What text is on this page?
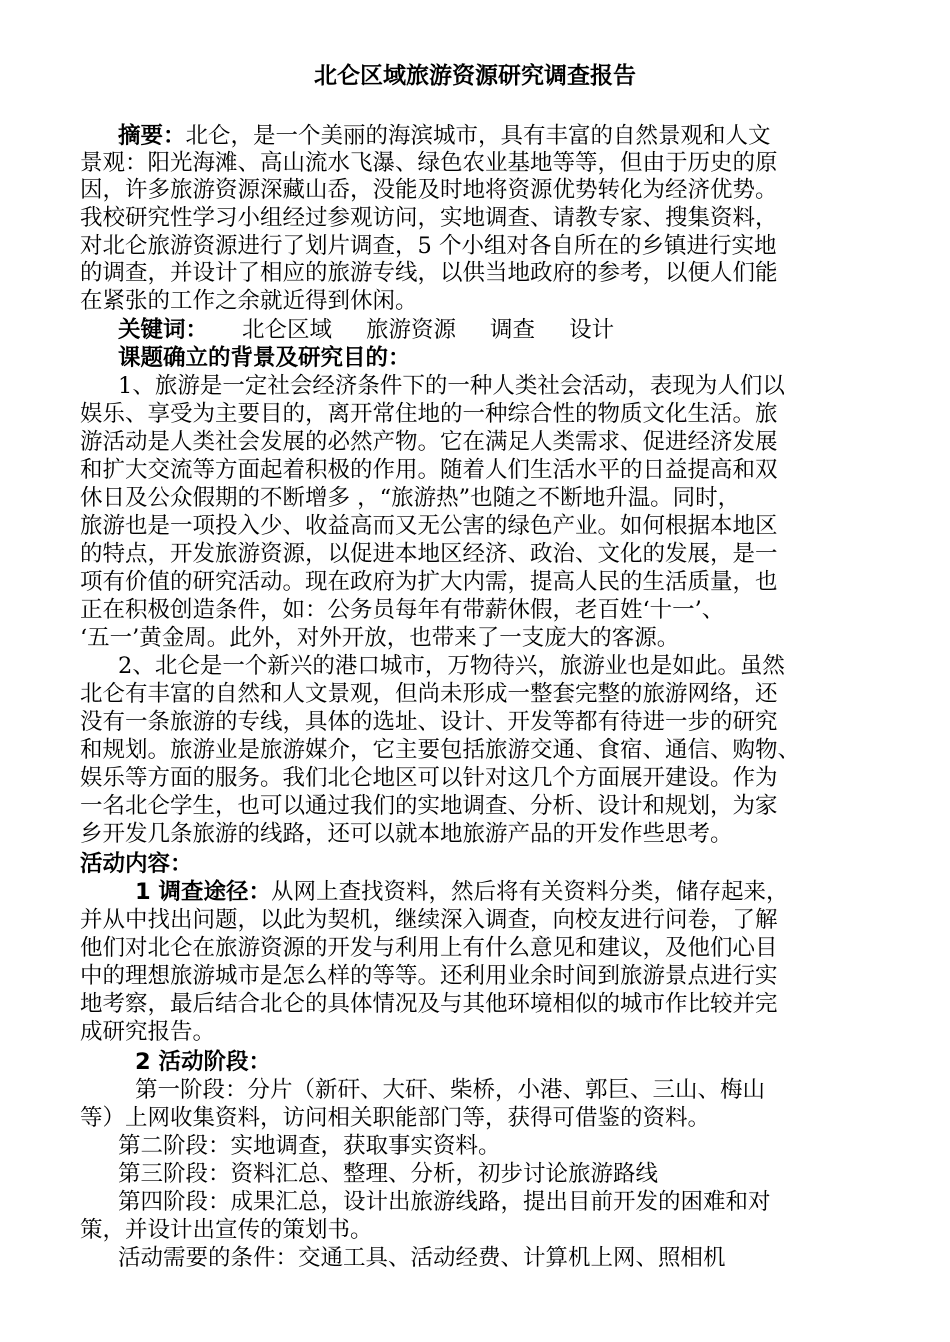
北仑区域旅游资源研究调查报告
摘要：北仑，是一个美丽的海滨城市，具有丰富的自然景观和人文
景观：阳光海滩、高山流水飞瀑、绿色农业基地等等，但由于历史的原
因，许多旅游资源深藏山岙，没能及时地将资源优势转化为经济优势。
我校研究性学习小组经过参观访问，实地调查、请教专家、搜集资料，
对北仑旅游资源进行了划片调查，5 个小组对各自所在的乡镇进行实地
的调查，并设计了相应的旅游专线，以供当地政府的参考，以便人们能
在紧张的工作之余就近得到休闲。
关键词： 北仑区域 旅游资源 调查 设计
课题确立的背景及研究目的：
1、旅游是一定社会经济条件下的一种人类社会活动，表现为人们以
娱乐、享受为主要目的，离开常住地的一种综合性的物质文化生活。旅
游活动是人类社会发展的必然产物。它在满足人类需求、促进经济发展
和扩大交流等方面起着积极的作用。随着人们生活水平的日益提高和双
休日及公众假期的不断增多 ，“旅游热”也随之不断地升温。同时，
旅游也是一项投入少、收益高而又无公害的绿色产业。如何根据本地区
的特点，开发旅游资源，以促进本地区经济、政治、文化的发展，是一
项有价值的研究活动。现在政府为扩大内需，提高人民的生活质量，也
正在积极创造条件，如：公务员每年有带薪休假，老百姓‘十一’、
‘五一’黄金周。此外，对外开放，也带来了一支庞大的客源。
2、北仑是一个新兴的港口城市，万物待兴，旅游业也是如此。虽然
北仑有丰富的自然和人文景观，但尚未形成一整套完整的旅游网络，还
没有一条旅游的专线，具体的选址、设计、开发等都有待进一步的研究
和规划。旅游业是旅游媒介，它主要包括旅游交通、食宿、通信、购物、
娱乐等方面的服务。我们北仑地区可以针对这几个方面展开建设。作为
一名北仑学生，也可以通过我们的实地调查、分析、设计和规划，为家
乡开发几条旅游的线路，还可以就本地旅游产品的开发作些思考。
活动内容：
1 调查途径：从网上查找资料，然后将有关资料分类，储存起来，
并从中找出问题，以此为契机，继续深入调查，向校友进行问卷，了解
他们对北仑在旅游资源的开发与利用上有什么意见和建议，及他们心目
中的理想旅游城市是怎么样的等等。还利用业余时间到旅游景点进行实
地考察，最后结合北仑的具体情况及与其他环境相似的城市作比较并完
成研究报告。
2 活动阶段：
第一阶段：分片（新矸、大矸、柴桥，小港、郭巨、三山、梅山
等）上网收集资料，访问相关职能部门等，获得可借鉴的资料。
第二阶段：实地调查，获取事实资料。
第三阶段：资料汇总、整理、分析，初步讨论旅游路线
第四阶段：成果汇总，设计出旅游线路，提出目前开发的困难和对
策，并设计出宣传的策划书。
活动需要的条件：交通工具、活动经费、计算机上网、照相机
